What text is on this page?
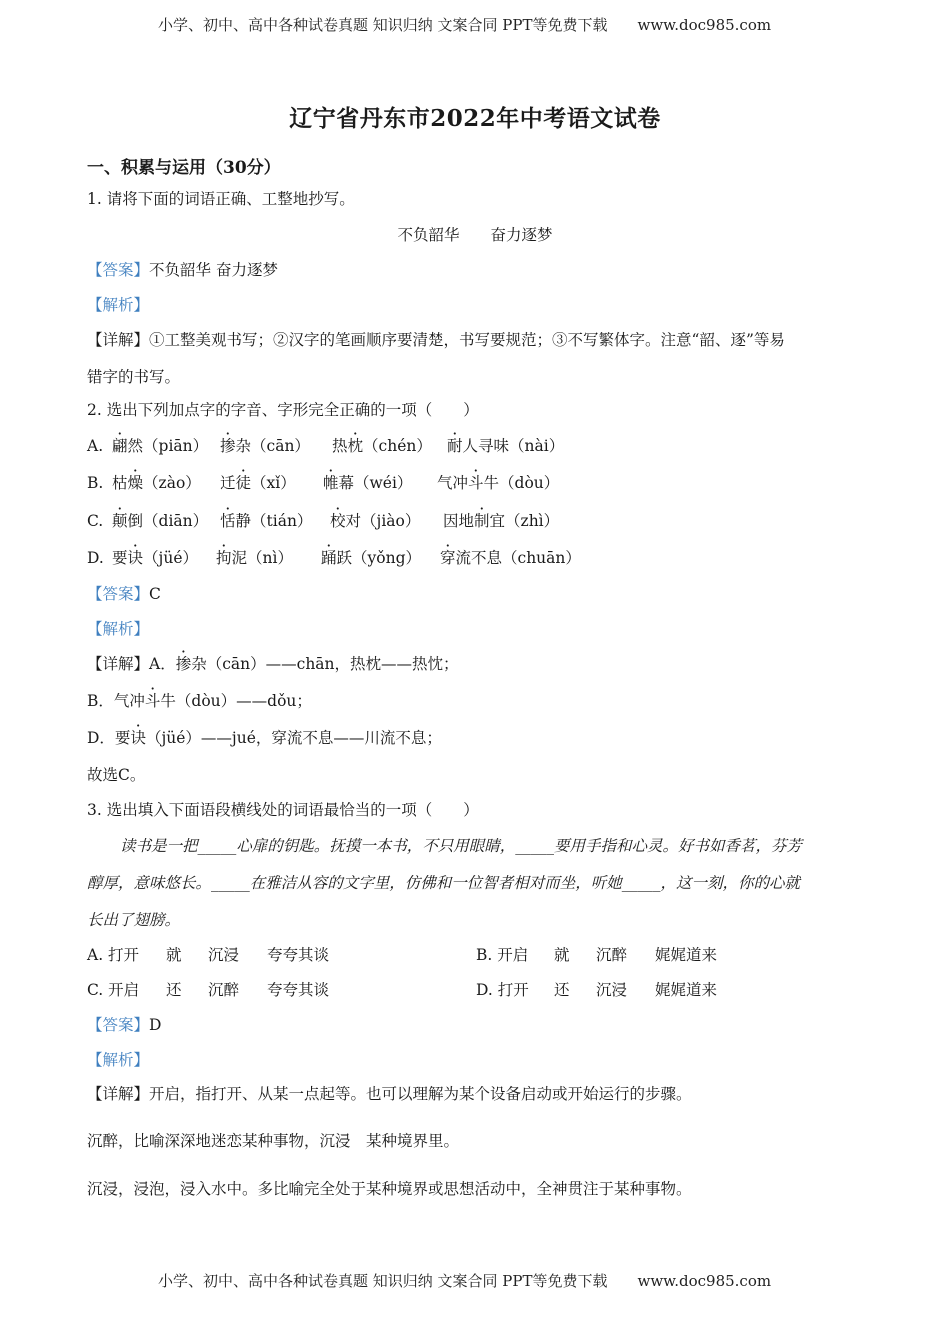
小学、初中、高中各种试卷真题 知识归纳 文案合同 PPT等免费下载　　www.doc985.com
辽宁省丹东市2022年中考语文试卷
一、积累与运用（30分）
1. 请将下面的词语正确、工整地抄写。
不负韶华　　奋力逐梦
【答案】不负韶华 奋力逐梦
【解析】
【详解】①工整美观书写；②汉字的笔画顺序要清楚，书写要规范；③不写繁体字。注意“韶、逐”等易
错字的书写。
2. 选出下列加点字的字音、字形完全正确的一项（　　）
A. 翩然（piān） 掺杂（cān） 热枕（chén） 耐人寻味（nài）
B. 枯燥（zào） 迁徒（xǐ） 帷幕（wéi） 气冲斗牛（dòu）
C. 颠倒（diān） 恬静（tián） 校对（jiào） 因地制宜（zhì）
D. 要诀（jüé） 拘泥（nì） 踊跃（yǒng） 穿流不息（chuān）
【答案】C
【解析】
【详解】A．掺杂（cān）——chān，热枕——热忱；
B．气冲斗牛（dòu）——dǒu；
D．要诀（jüé）——jué，穿流不息——川流不息；
故选C。
3. 选出填入下面语段横线处的词语最恰当的一项（　　）
读书是一把_____心扉的钥匙。抚摸一本书，不只用眼睛，_____要用手指和心灵。好书如香茗，芬芳
醇厚，意味悠长。_____在雅洁从容的文字里，仿佛和一位智者相对而坐，听她_____，这一刻，你的心就
长出了翅膀。
A. 打开 就 沉浸 夸夸其谈	B. 开启 就 沉醉 娓娓道来
C. 开启 还 沉醉 夸夸其谈	D. 打开 还 沉浸 娓娓道来
【答案】D
【解析】
【详解】开启，指打开、从某一点起等。也可以理解为某个设备启动或开始运行的步骤。
沉醉，比喻深深地迷恋某种事物，沉浸　某种境界里。
沉浸，浸泡，浸入水中。多比喻完全处于某种境界或思想活动中，全神贯注于某种事物。
小学、初中、高中各种试卷真题 知识归纳 文案合同 PPT等免费下载　　www.doc985.com
